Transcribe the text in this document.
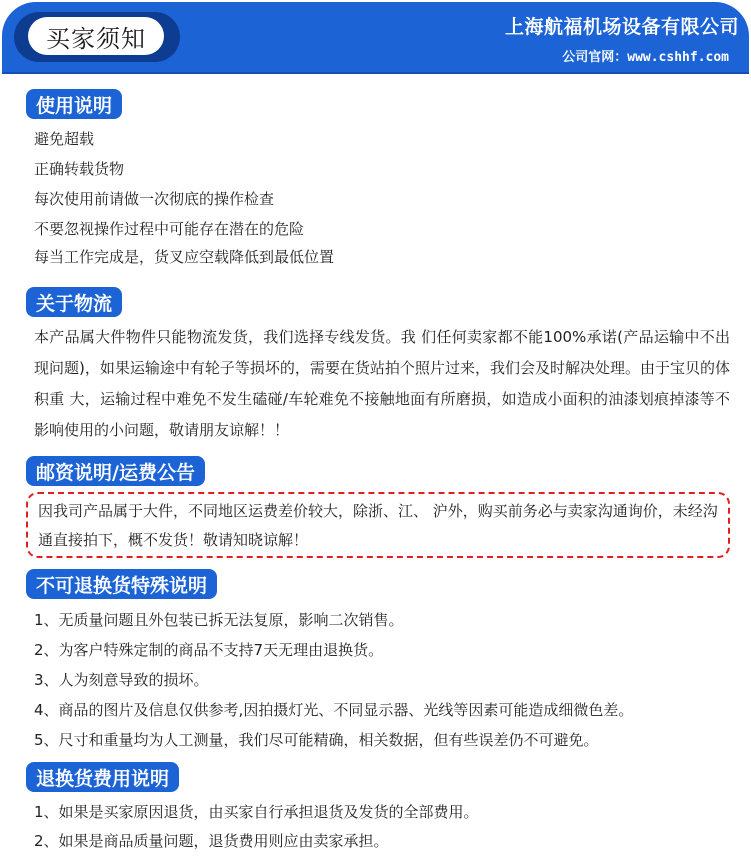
买家须知	上海航福机场设备有限公司
公司官网：www.cshhf.com
使用说明
避免超载
正确转载货物
每次使用前请做一次彻底的操作检查
不要忽视操作过程中可能存在潜在的危险
每当工作完成是，货叉应空载降低到最低位置
关于物流
本产品属大件物件只能物流发货，我们选择专线发货。我 们任何卖家都不能100%承诺(产品运输中不出现问题)，如果运输途中有轮子等损坏的，需要在货站拍个照片过来，我们会及时解决处理。由于宝贝的体积重 大，运输过程中难免不发生磕碰/车轮难免不接触地面有所磨损，如造成小面积的油漆划痕掉漆等不影响使用的小问题，敬请朋友谅解！！
邮资说明/运费公告
因我司产品属于大件，不同地区运费差价较大，除浙、江、 沪外，购买前务必与卖家沟通询价，未经沟通直接拍下，概不发货！敬请知晓谅解！
不可退换货特殊说明
1、无质量问题且外包装已拆无法复原，影响二次销售。
2、为客户特殊定制的商品不支持7天无理由退换货。
3、人为刻意导致的损坏。
4、商品的图片及信息仅供参考,因拍摄灯光、不同显示器、光线等因素可能造成细微色差。
5、尺寸和重量均为人工测量，我们尽可能精确，相关数据，但有些误差仍不可避免。
退换货费用说明
1、如果是买家原因退货，由买家自行承担退货及发货的全部费用。
2、如果是商品质量问题，退货费用则应由卖家承担。
